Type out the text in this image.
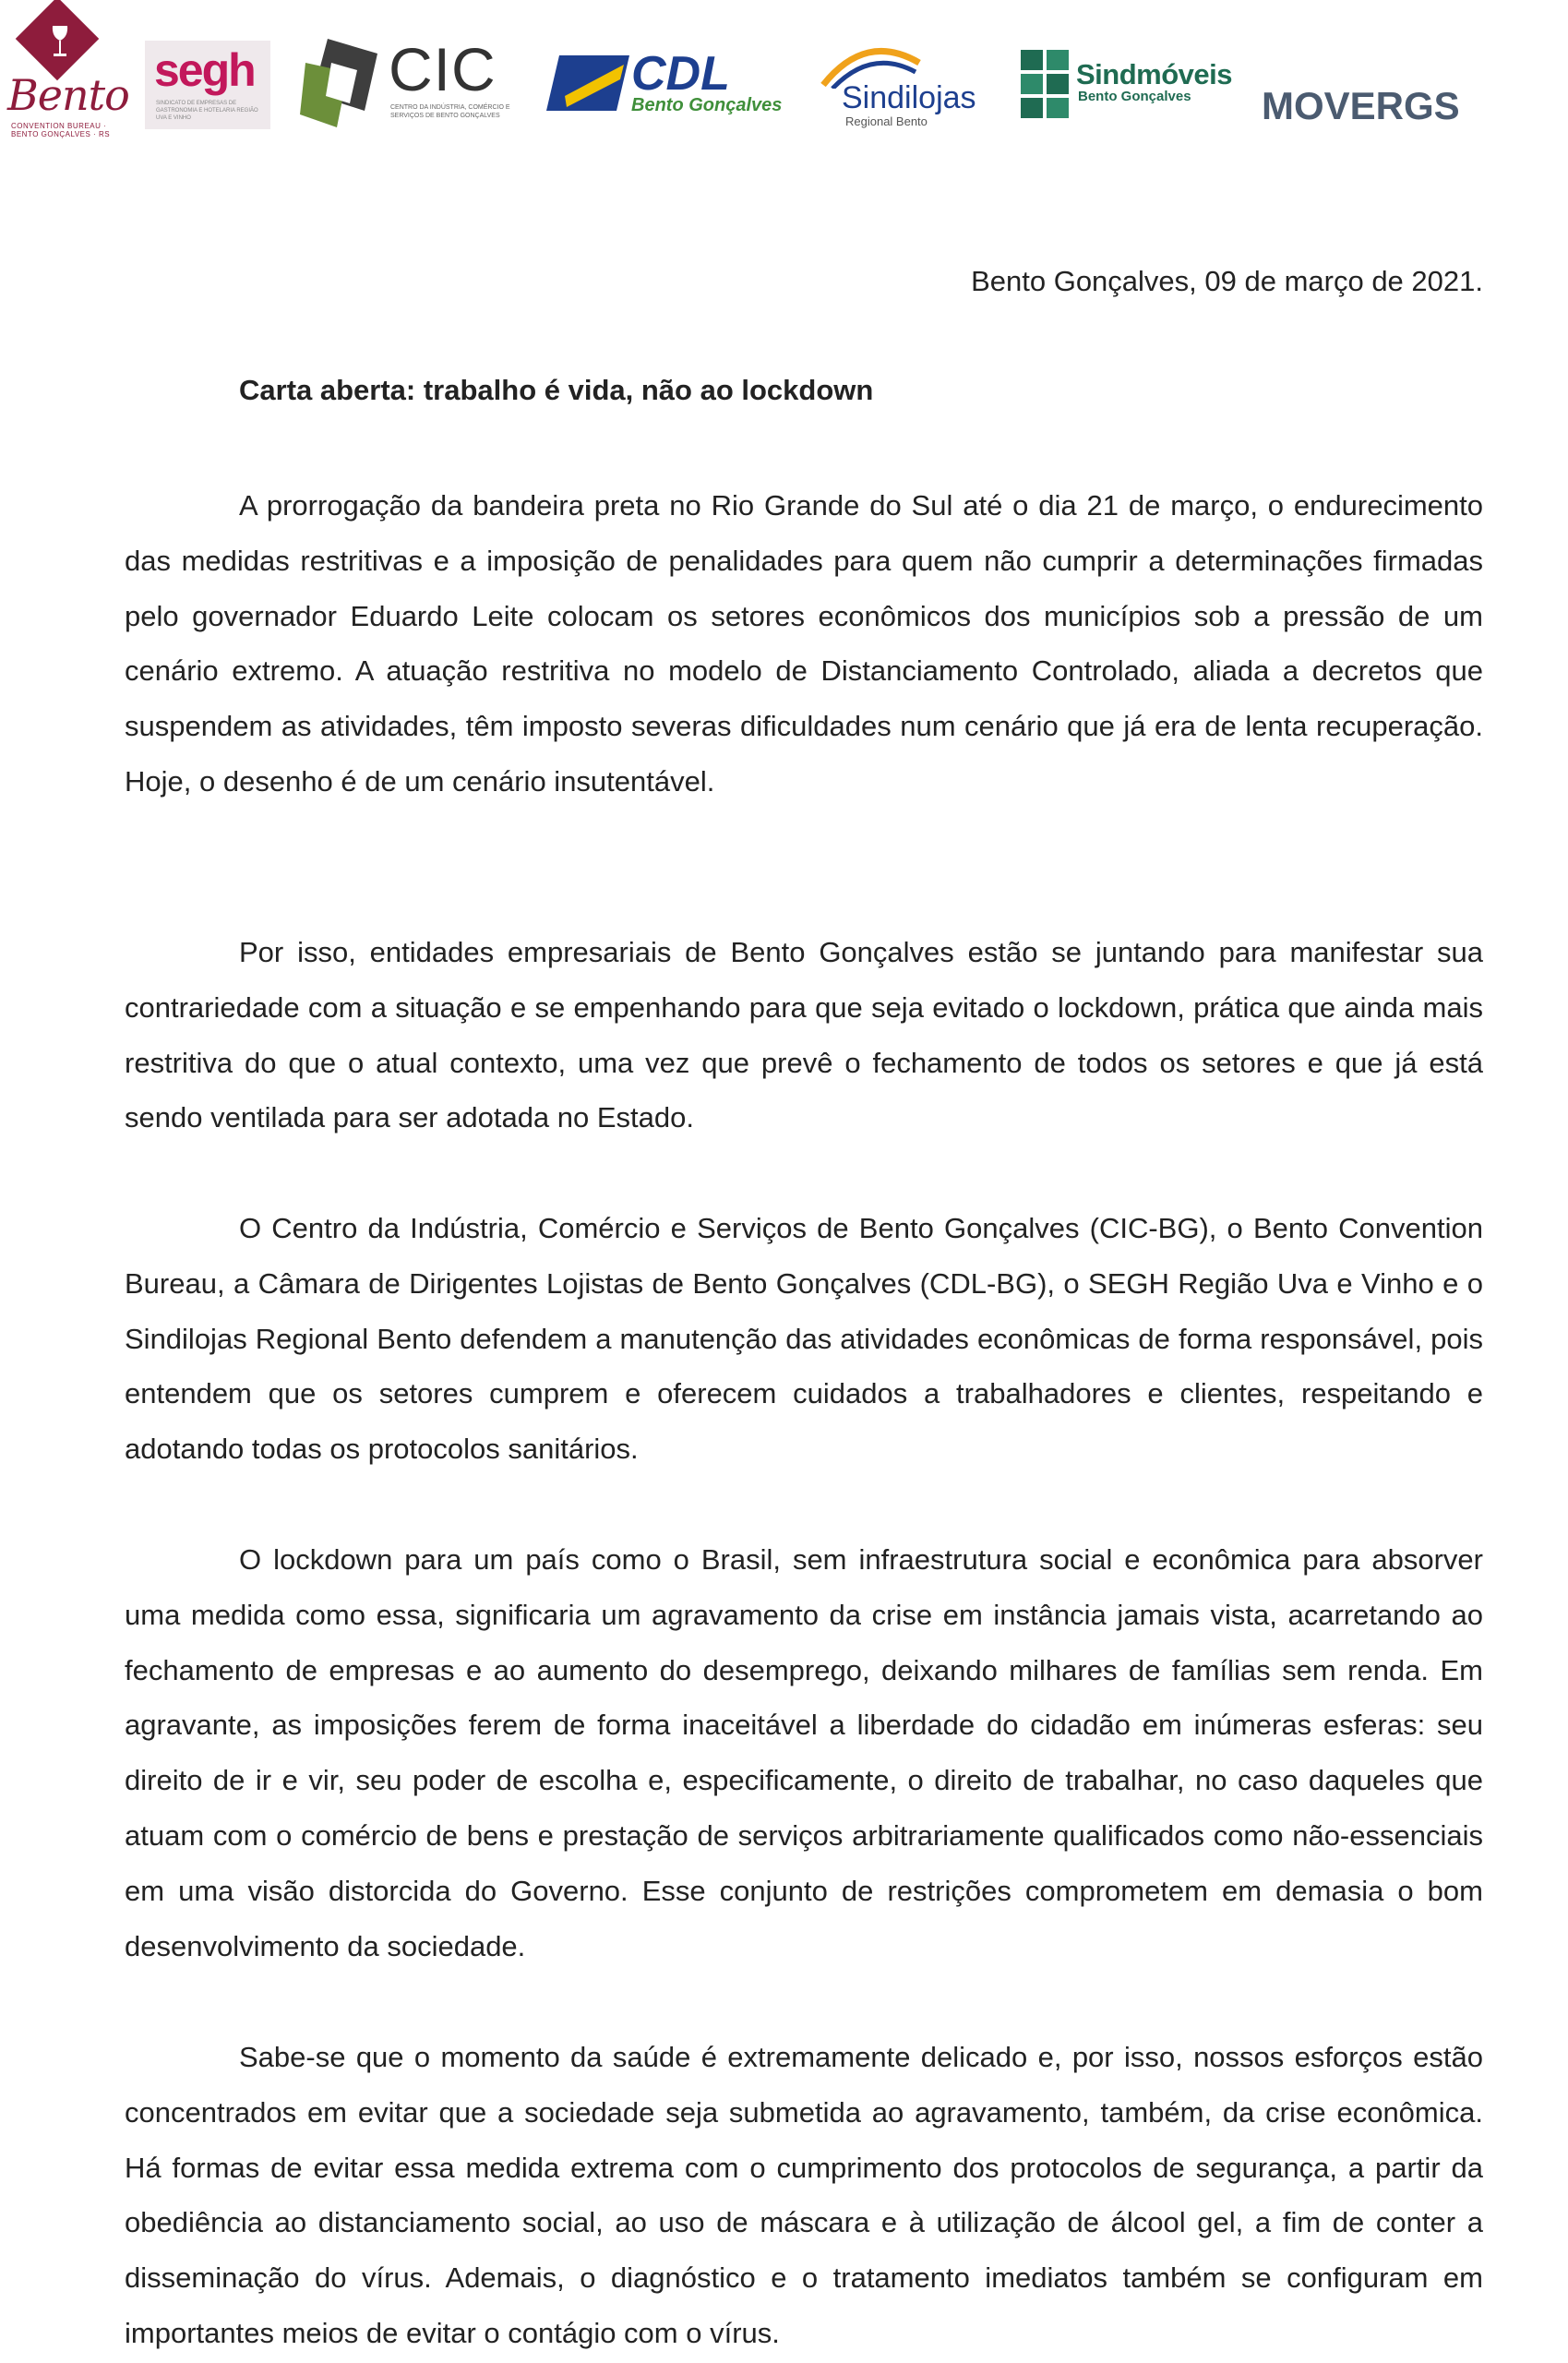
Bento
CONVENTION BUREAU · BENTO GONÇALVES · RS
segh
SINDICATO DE EMPRESAS DE GASTRONOMIA E HOTELARIA REGIÃO UVA E VINHO
CIC
CENTRO DA INDÚSTRIA, COMÉRCIO E SERVIÇOS DE BENTO GONÇALVES
CDL
Bento Gonçalves Sindilojas
Regional Bento
Sindmóveis
Bento Gonçalves MOVERGS
Bento Gonçalves, 09 de março de 2021.
Carta aberta: trabalho é vida, não ao lockdown

A prorrogação da bandeira preta no Rio Grande do Sul até o dia 21 de março, o endurecimento das medidas restritivas e a imposição de penalidades para quem não cumprir a determinações firmadas pelo governador Eduardo Leite colocam os setores econômicos dos municípios sob a pressão de um cenário extremo. A atuação restritiva no modelo de Distanciamento Controlado, aliada a decretos que suspendem as atividades, têm imposto severas dificuldades num cenário que já era de lenta recuperação. Hoje, o desenho é de um cenário insutentável.

Por isso, entidades empresariais de Bento Gonçalves estão se juntando para manifestar sua contrariedade com a situação e se empenhando para que seja evitado o lockdown, prática que ainda mais restritiva do que o atual contexto, uma vez que prevê o fechamento de todos os setores e que já está sendo ventilada para ser adotada no Estado.

O Centro da Indústria, Comércio e Serviços de Bento Gonçalves (CIC-BG), o Bento Convention Bureau, a Câmara de Dirigentes Lojistas de Bento Gonçalves (CDL-BG), o SEGH Região Uva e Vinho e o Sindilojas Regional Bento defendem a manutenção das atividades econômicas de forma responsável, pois entendem que os setores cumprem e oferecem cuidados a trabalhadores e clientes, respeitando e adotando todas os protocolos sanitários.

O lockdown para um país como o Brasil, sem infraestrutura social e econômica para absorver uma medida como essa, significaria um agravamento da crise em instância jamais vista, acarretando ao fechamento de empresas e ao aumento do desemprego, deixando milhares de famílias sem renda. Em agravante, as imposições ferem de forma inaceitável a liberdade do cidadão em inúmeras esferas: seu direito de ir e vir, seu poder de escolha e, especificamente, o direito de trabalhar, no caso daqueles que atuam com o comércio de bens e prestação de serviços arbitrariamente qualificados como não-essenciais em uma visão distorcida do Governo. Esse conjunto de restrições comprometem em demasia o bom desenvolvimento da sociedade.

Sabe-se que o momento da saúde é extremamente delicado e, por isso, nossos esforços estão concentrados em evitar que a sociedade seja submetida ao agravamento, também, da crise econômica. Há formas de evitar essa medida extrema com o cumprimento dos protocolos de segurança, a partir da obediência ao distanciamento social, ao uso de máscara e à utilização de álcool gel, a fim de conter a disseminação do vírus. Ademais, o diagnóstico e o tratamento imediatos também se configuram em importantes meios de evitar o contágio com o vírus.
